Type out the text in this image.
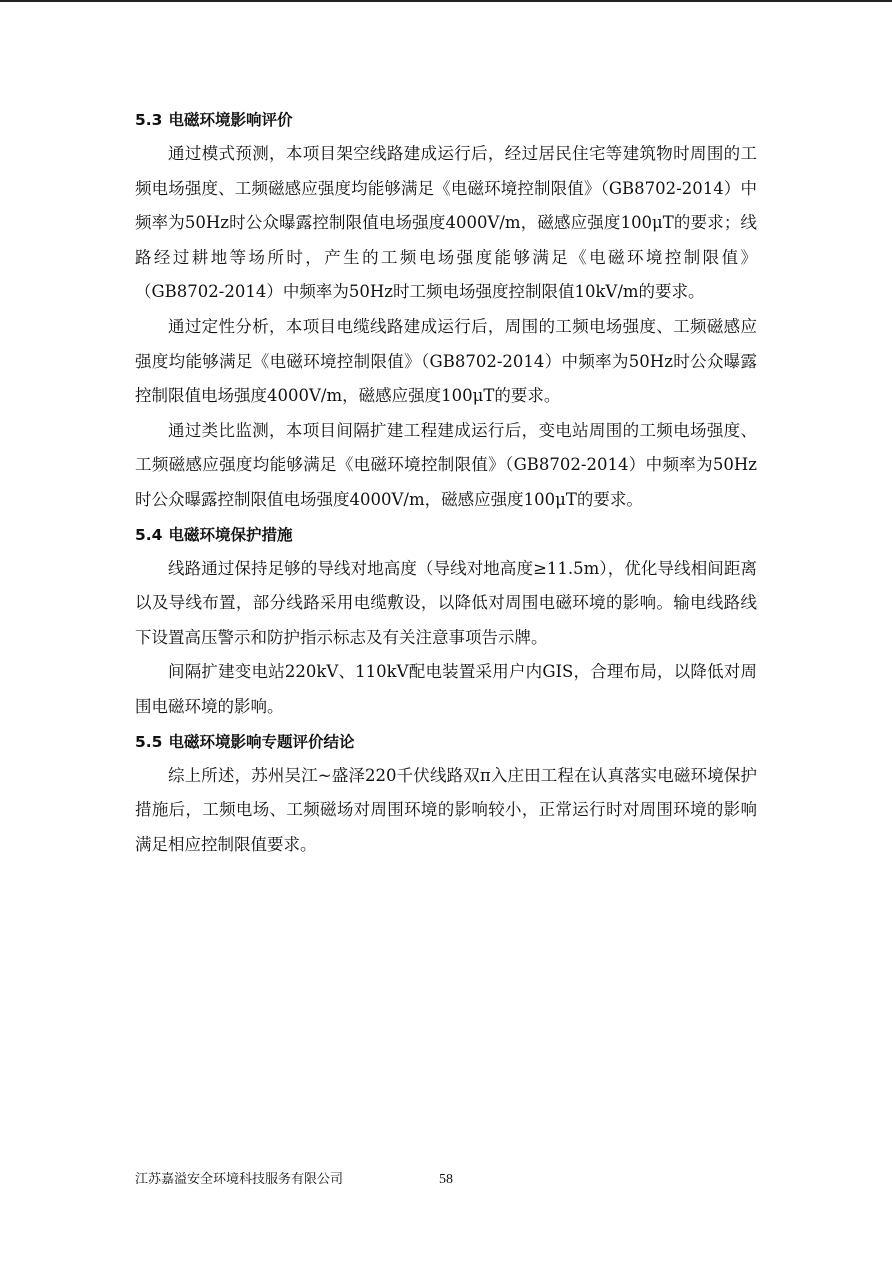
5.3 电磁环境影响评价

通过模式预测，本项目架空线路建成运行后，经过居民住宅等建筑物时周围的工频电场强度、工频磁感应强度均能够满足《电磁环境控制限值》（GB8702-2014）中频率为50Hz时公众曝露控制限值电场强度4000V/m，磁感应强度100μT的要求；线路经过耕地等场所时，产生的工频电场强度能够满足《电磁环境控制限值》（GB8702-2014）中频率为50Hz时工频电场强度控制限值10kV/m的要求。

通过定性分析，本项目电缆线路建成运行后，周围的工频电场强度、工频磁感应强度均能够满足《电磁环境控制限值》（GB8702-2014）中频率为50Hz时公众曝露控制限值电场强度4000V/m，磁感应强度100μT的要求。

通过类比监测，本项目间隔扩建工程建成运行后，变电站周围的工频电场强度、工频磁感应强度均能够满足《电磁环境控制限值》（GB8702-2014）中频率为50Hz时公众曝露控制限值电场强度4000V/m，磁感应强度100μT的要求。

5.4 电磁环境保护措施

线路通过保持足够的导线对地高度（导线对地高度≥11.5m），优化导线相间距离以及导线布置，部分线路采用电缆敷设，以降低对周围电磁环境的影响。输电线路线下设置高压警示和防护指示标志及有关注意事项告示牌。

间隔扩建变电站220kV、110kV配电装置采用户内GIS，合理布局，以降低对周围电磁环境的影响。

5.5 电磁环境影响专题评价结论

综上所述，苏州吴江~盛泽220千伏线路双π入庄田工程在认真落实电磁环境保护措施后，工频电场、工频磁场对周围环境的影响较小，正常运行时对周围环境的影响满足相应控制限值要求。

江苏嘉溢安全环境科技服务有限公司	58
